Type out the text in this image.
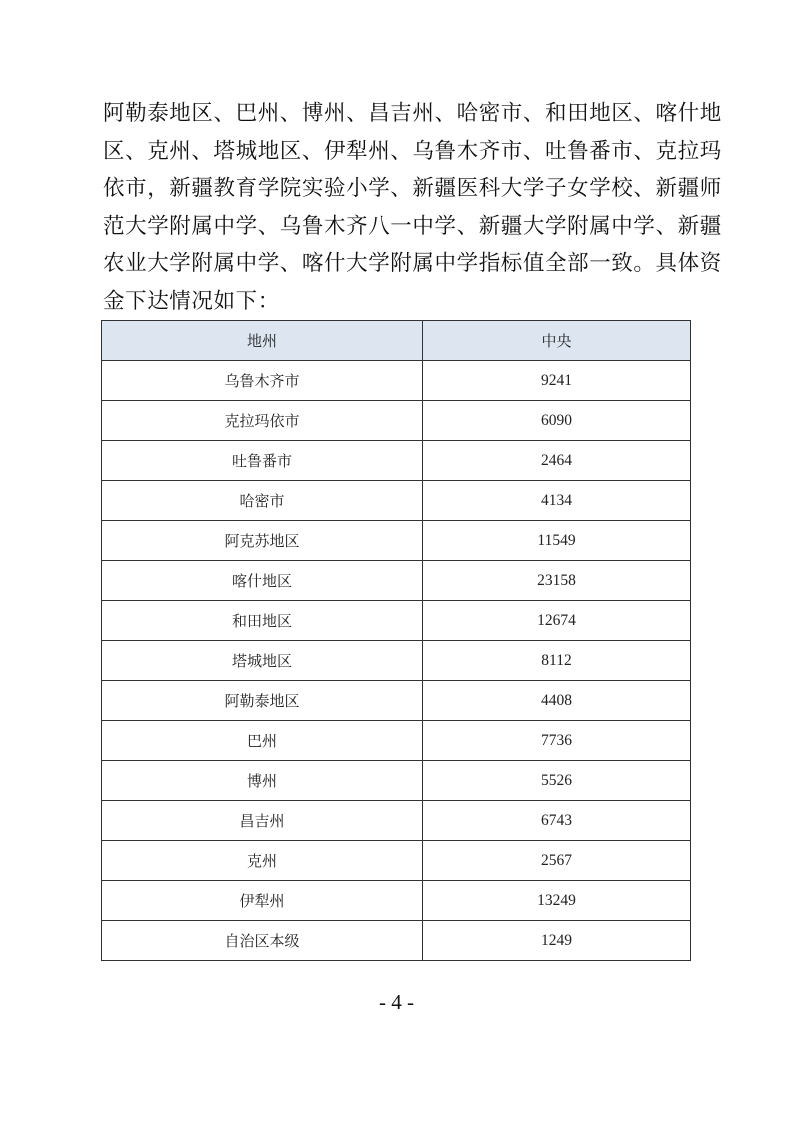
阿勒泰地区、巴州、博州、昌吉州、哈密市、和田地区、喀什地
区、克州、塔城地区、伊犁州、乌鲁木齐市、吐鲁番市、克拉玛
依市，新疆教育学院实验小学、新疆医科大学子女学校、新疆师
范大学附属中学、乌鲁木齐八一中学、新疆大学附属中学、新疆
农业大学附属中学、喀什大学附属中学指标值全部一致。具体资
金下达情况如下：
地州	中央
乌鲁木齐市	9241
克拉玛依市	6090
吐鲁番市	2464
哈密市	4134
阿克苏地区	11549
喀什地区	23158
和田地区	12674
塔城地区	8112
阿勒泰地区	4408
巴州	7736
博州	5526
昌吉州	6743
克州	2567
伊犁州	13249
自治区本级	1249
- 4 -
